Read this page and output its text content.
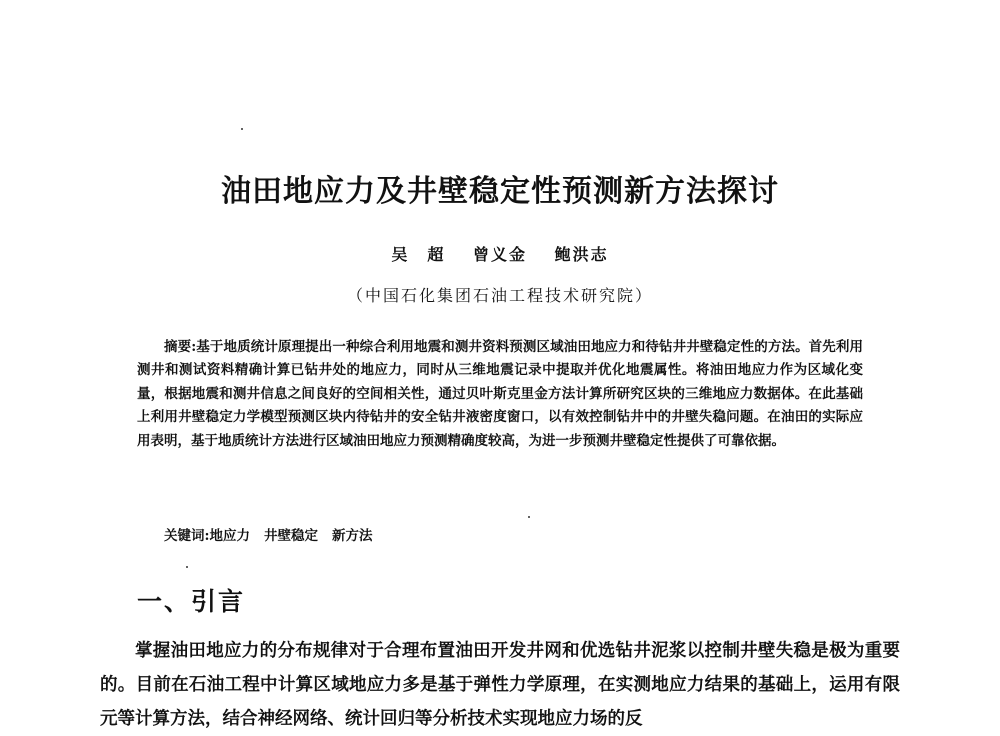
油田地应力及井壁稳定性预测新方法探讨
吴　超 曾义金 鲍洪志
（中国石化集团石油工程技术研究院）

摘要:基于地质统计原理提出一种综合利用地震和测井资料预测区域油田地应力和待钻井井壁稳定性的方法。首先利用测井和测试资料精确计算已钻井处的地应力，同时从三维地震记录中提取并优化地震属性。将油田地应力作为区域化变量，根据地震和测井信息之间良好的空间相关性，通过贝叶斯克里金方法计算所研究区块的三维地应力数据体。在此基础上利用井壁稳定力学模型预测区块内待钻井的安全钻井液密度窗口，以有效控制钻井中的井壁失稳问题。在油田的实际应用表明，基于地质统计方法进行区域油田地应力预测精确度较高，为进一步预测井壁稳定性提供了可靠依据。

关键词:地应力 井壁稳定 新方法
一、引言

掌握油田地应力的分布规律对于合理布置油田开发井网和优选钻井泥浆以控制井壁失稳是极为重要的。目前在石油工程中计算区域地应力多是基于弹性力学原理，在实测地应力结果的基础上，运用有限元等计算方法，结合神经网络、统计回归等分析技术实现地应力场的反
